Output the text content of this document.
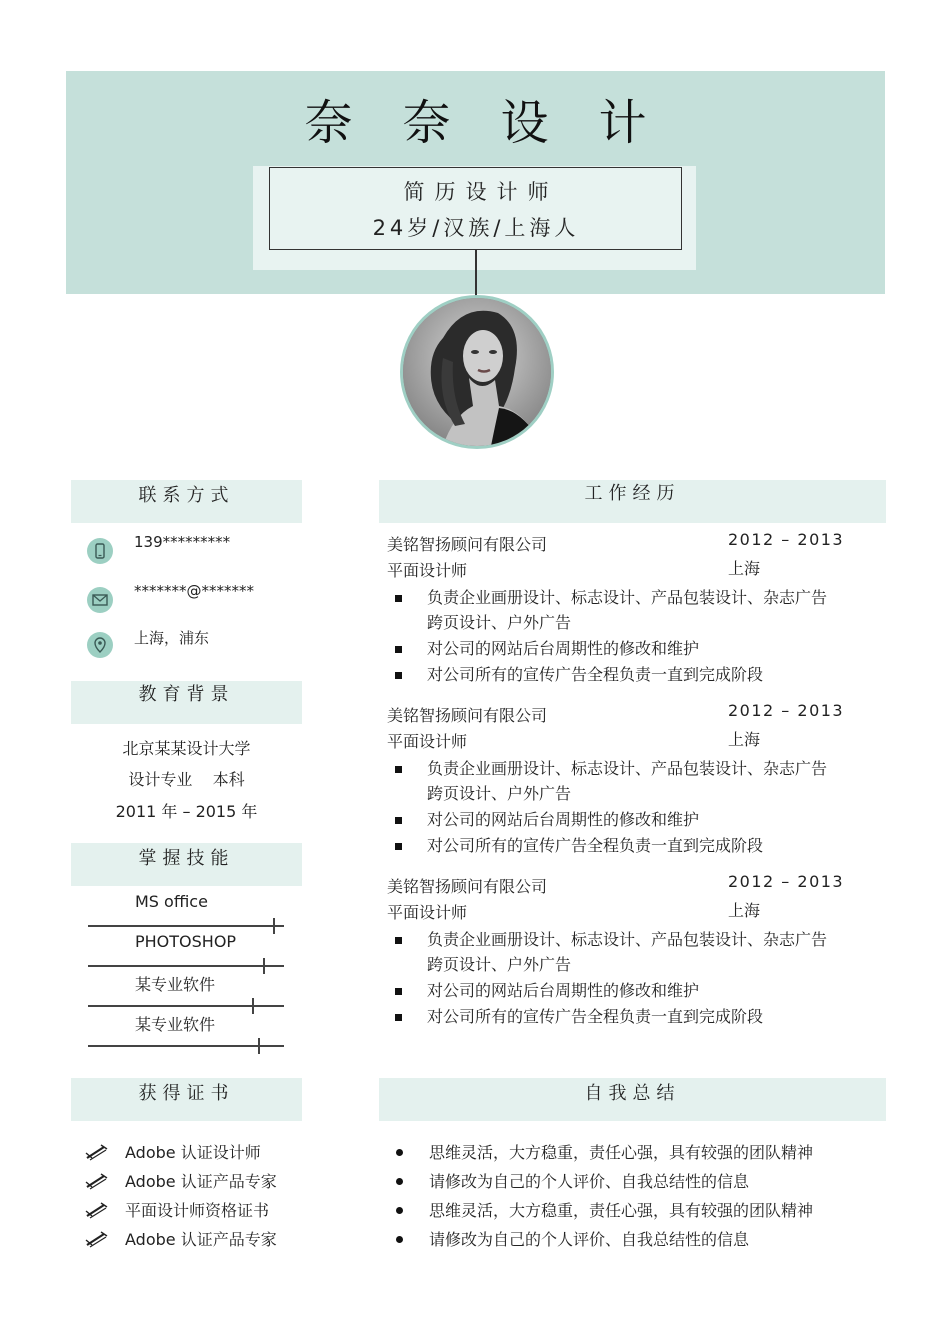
奈奈设计
简历设计师
24岁/汉族/上海人
联系方式
139*********
*******@*******
上海，浦东
教育背景
北京某某设计大学
设计专业    本科
2011 年 – 2015 年
掌握技能
MS office
PHOTOSHOP
某专业软件
某专业软件
获得证书
Adobe 认证设计师
Adobe 认证产品专家
平面设计师资格证书
Adobe 认证产品专家
工作经历
美铭智扬顾问有限公司	2012 – 2013
平面设计师	上海
负责企业画册设计、标志设计、产品包装设计、杂志广告跨页设计、户外广告
对公司的网站后台周期性的修改和维护
对公司所有的宣传广告全程负责一直到完成阶段
美铭智扬顾问有限公司	2012 – 2013
平面设计师	上海
负责企业画册设计、标志设计、产品包装设计、杂志广告跨页设计、户外广告
对公司的网站后台周期性的修改和维护
对公司所有的宣传广告全程负责一直到完成阶段
美铭智扬顾问有限公司	2012 – 2013
平面设计师	上海
负责企业画册设计、标志设计、产品包装设计、杂志广告跨页设计、户外广告
对公司的网站后台周期性的修改和维护
对公司所有的宣传广告全程负责一直到完成阶段
自我总结
思维灵活，大方稳重，责任心强，具有较强的团队精神
请修改为自己的个人评价、自我总结性的信息
思维灵活，大方稳重，责任心强，具有较强的团队精神
请修改为自己的个人评价、自我总结性的信息
